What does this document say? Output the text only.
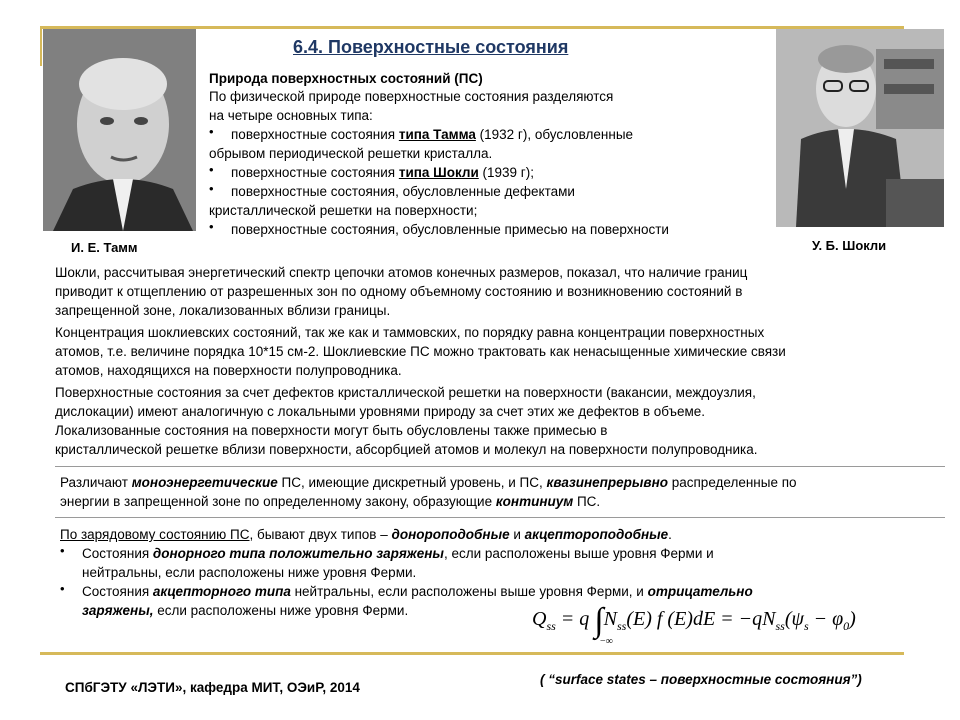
И. Е. Тамм	У. Б. Шокли
6.4. Поверхностные состояния
Природа поверхностных состояний (ПС)
По физической природе поверхностные состояния разделяются
на четыре основных типа:
• поверхностные состояния типа Тамма (1932 г), обусловленные
обрывом периодической решетки кристалла.
• поверхностные состояния типа Шокли (1939 г);
• поверхностные состояния, обусловленные дефектами
кристаллической решетки на поверхности;
• поверхностные состояния, обусловленные примесью на поверхности
Шокли, рассчитывая энергетический спектр цепочки атомов конечных размеров, показал, что наличие границ
приводит к отщеплению от разрешенных зон по одному объемному состоянию и возникновению состояний в
запрещенной зоне, локализованных вблизи границы.
Концентрация шоклиевских состояний, так же как и таммовских, по порядку равна концентрации поверхностных
атомов, т.е. величине порядка 10*15 см-2. Шоклиевские ПС можно трактовать как ненасыщенные химические связи
атомов, находящихся на поверхности полупроводника.
Поверхностные состояния за счет дефектов кристаллической решетки на поверхности (вакансии, междоузлия,
дислокации) имеют аналогичную с локальными уровнями природу за счет этих же дефектов в объеме.
Локализованные состояния на поверхности могут быть обусловлены также примесью в
кристаллической решетке вблизи поверхности, абсорбцией атомов и молекул на поверхности полупроводника.
Различают моноэнергетические ПС, имеющие дискретный уровень, и ПС, квазинепрерывно распределенные по
энергии в запрещенной зоне по определенному закону, образующие континиум ПС.
По зарядовому состоянию ПС, бывают двух типов – донороподобные и акцептороподобные.
• Состояния донорного типа положительно заряжены, если расположены выше уровня Ферми и
нейтральны, если расположены ниже уровня Ферми.
• Состояния акцепторного типа нейтральны, если расположены выше уровня Ферми, и отрицательно
заряжены, если расположены ниже уровня Ферми.	$Q_{ss} = q$ $\int N_{ss}(E)$ f $(E)dE = -qN_{ss}(\psi_s - \varphi_0)$
−∞
СПбГЭТУ «ЛЭТИ», кафедра МИТ, ОЭиР, 2014
( “surface states – поверхностные состояния”)
